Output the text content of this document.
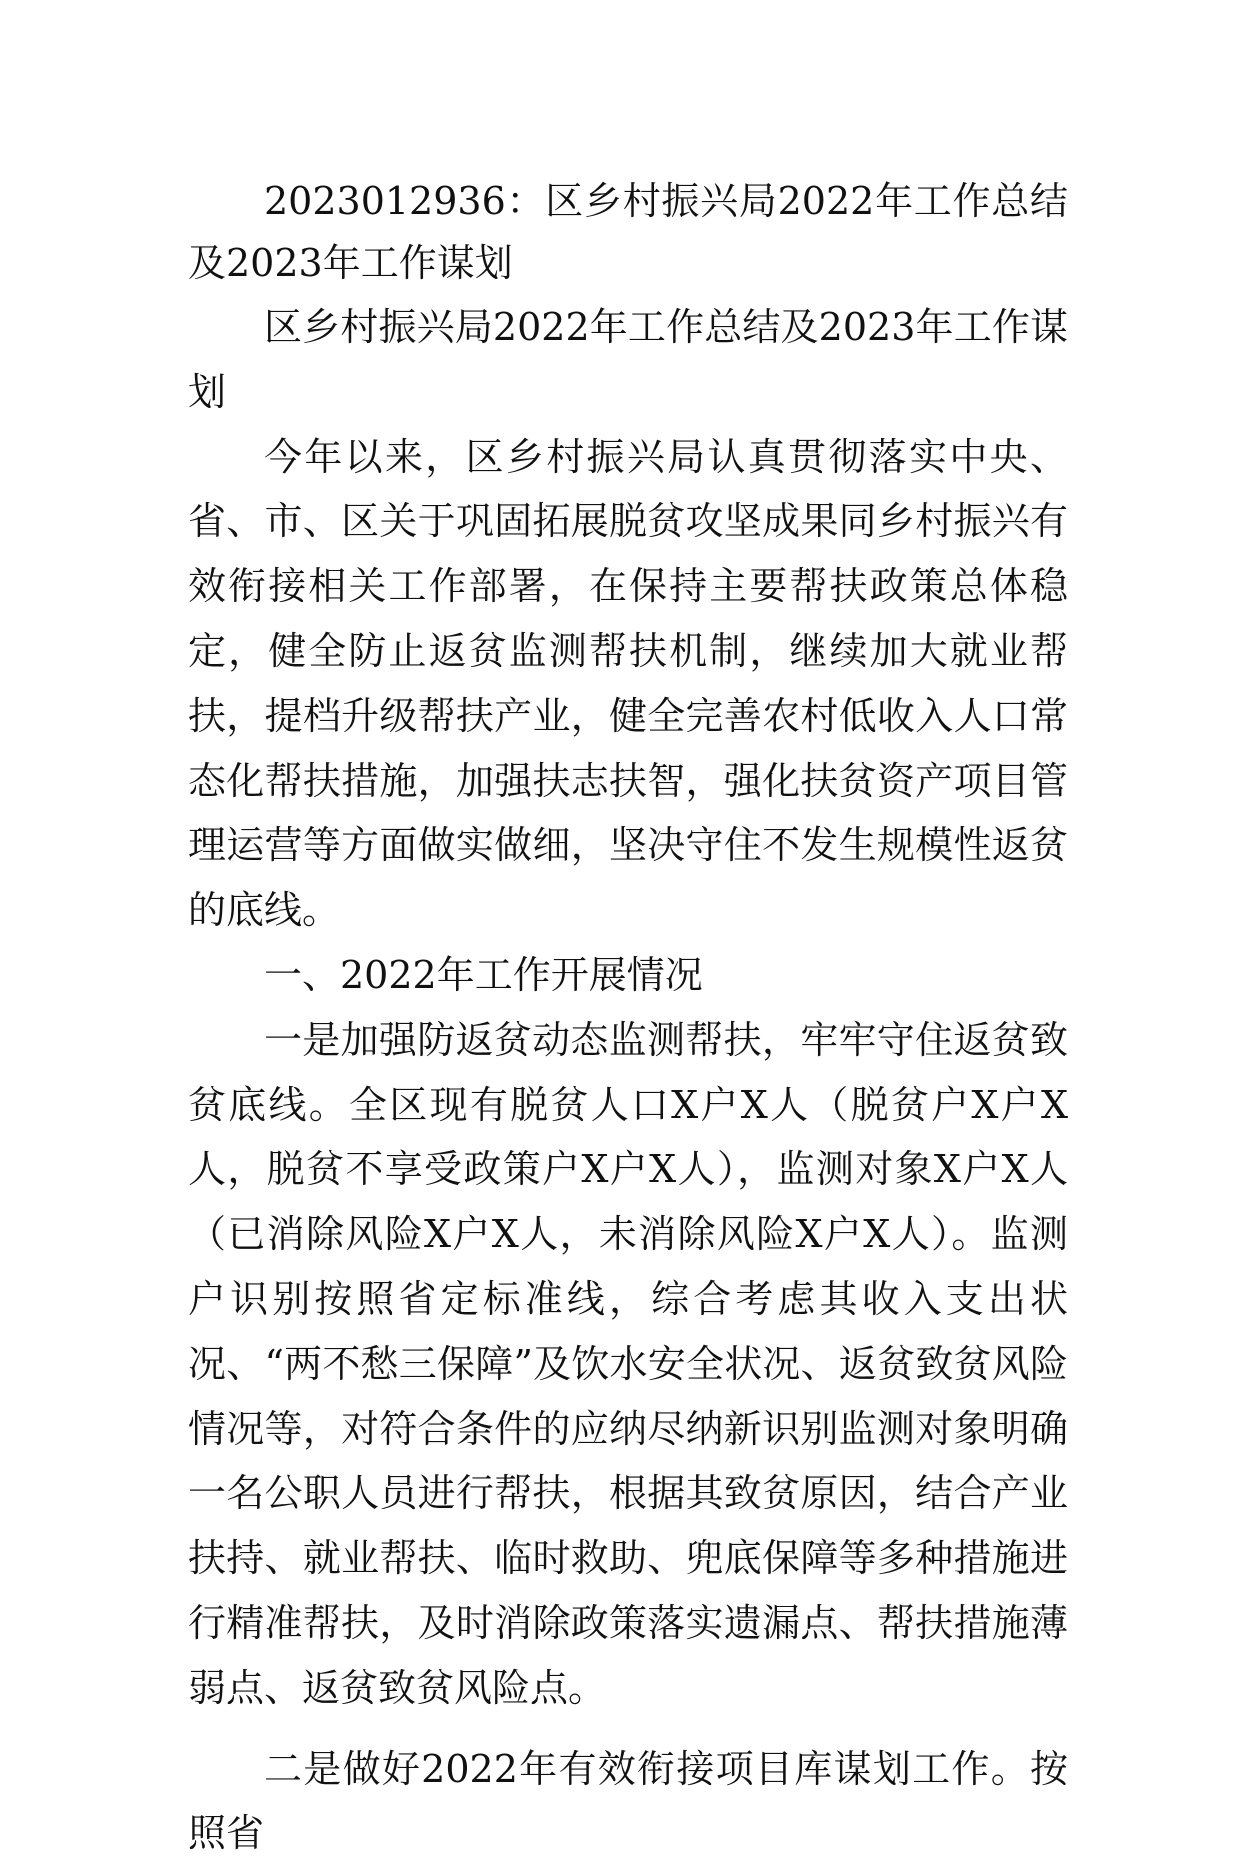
2023012936：区乡村振兴局2022年工作总结及2023年工作谋划

区乡村振兴局2022年工作总结及2023年工作谋划

今年以来，区乡村振兴局认真贯彻落实中央、省、市、区关于巩固拓展脱贫攻坚成果同乡村振兴有效衔接相关工作部署，在保持主要帮扶政策总体稳定，健全防止返贫监测帮扶机制，继续加大就业帮扶，提档升级帮扶产业，健全完善农村低收入人口常态化帮扶措施，加强扶志扶智，强化扶贫资产项目管理运营等方面做实做细，坚决守住不发生规模性返贫的底线。

一、2022年工作开展情况

一是加强防返贫动态监测帮扶，牢牢守住返贫致贫底线。全区现有脱贫人口X户X人（脱贫户X户X人，脱贫不享受政策户X户X人），监测对象X户X人（已消除风险X户X人，未消除风险X户X人）。监测户识别按照省定标准线，综合考虑其收入支出状况、“两不愁三保障”及饮水安全状况、返贫致贫风险情况等，对符合条件的应纳尽纳新识别监测对象明确一名公职人员进行帮扶，根据其致贫原因，结合产业扶持、就业帮扶、临时救助、兜底保障等多种措施进行精准帮扶，及时消除政策落实遗漏点、帮扶措施薄弱点、返贫致贫风险点。

二是做好2022年有效衔接项目库谋划工作。按照省
